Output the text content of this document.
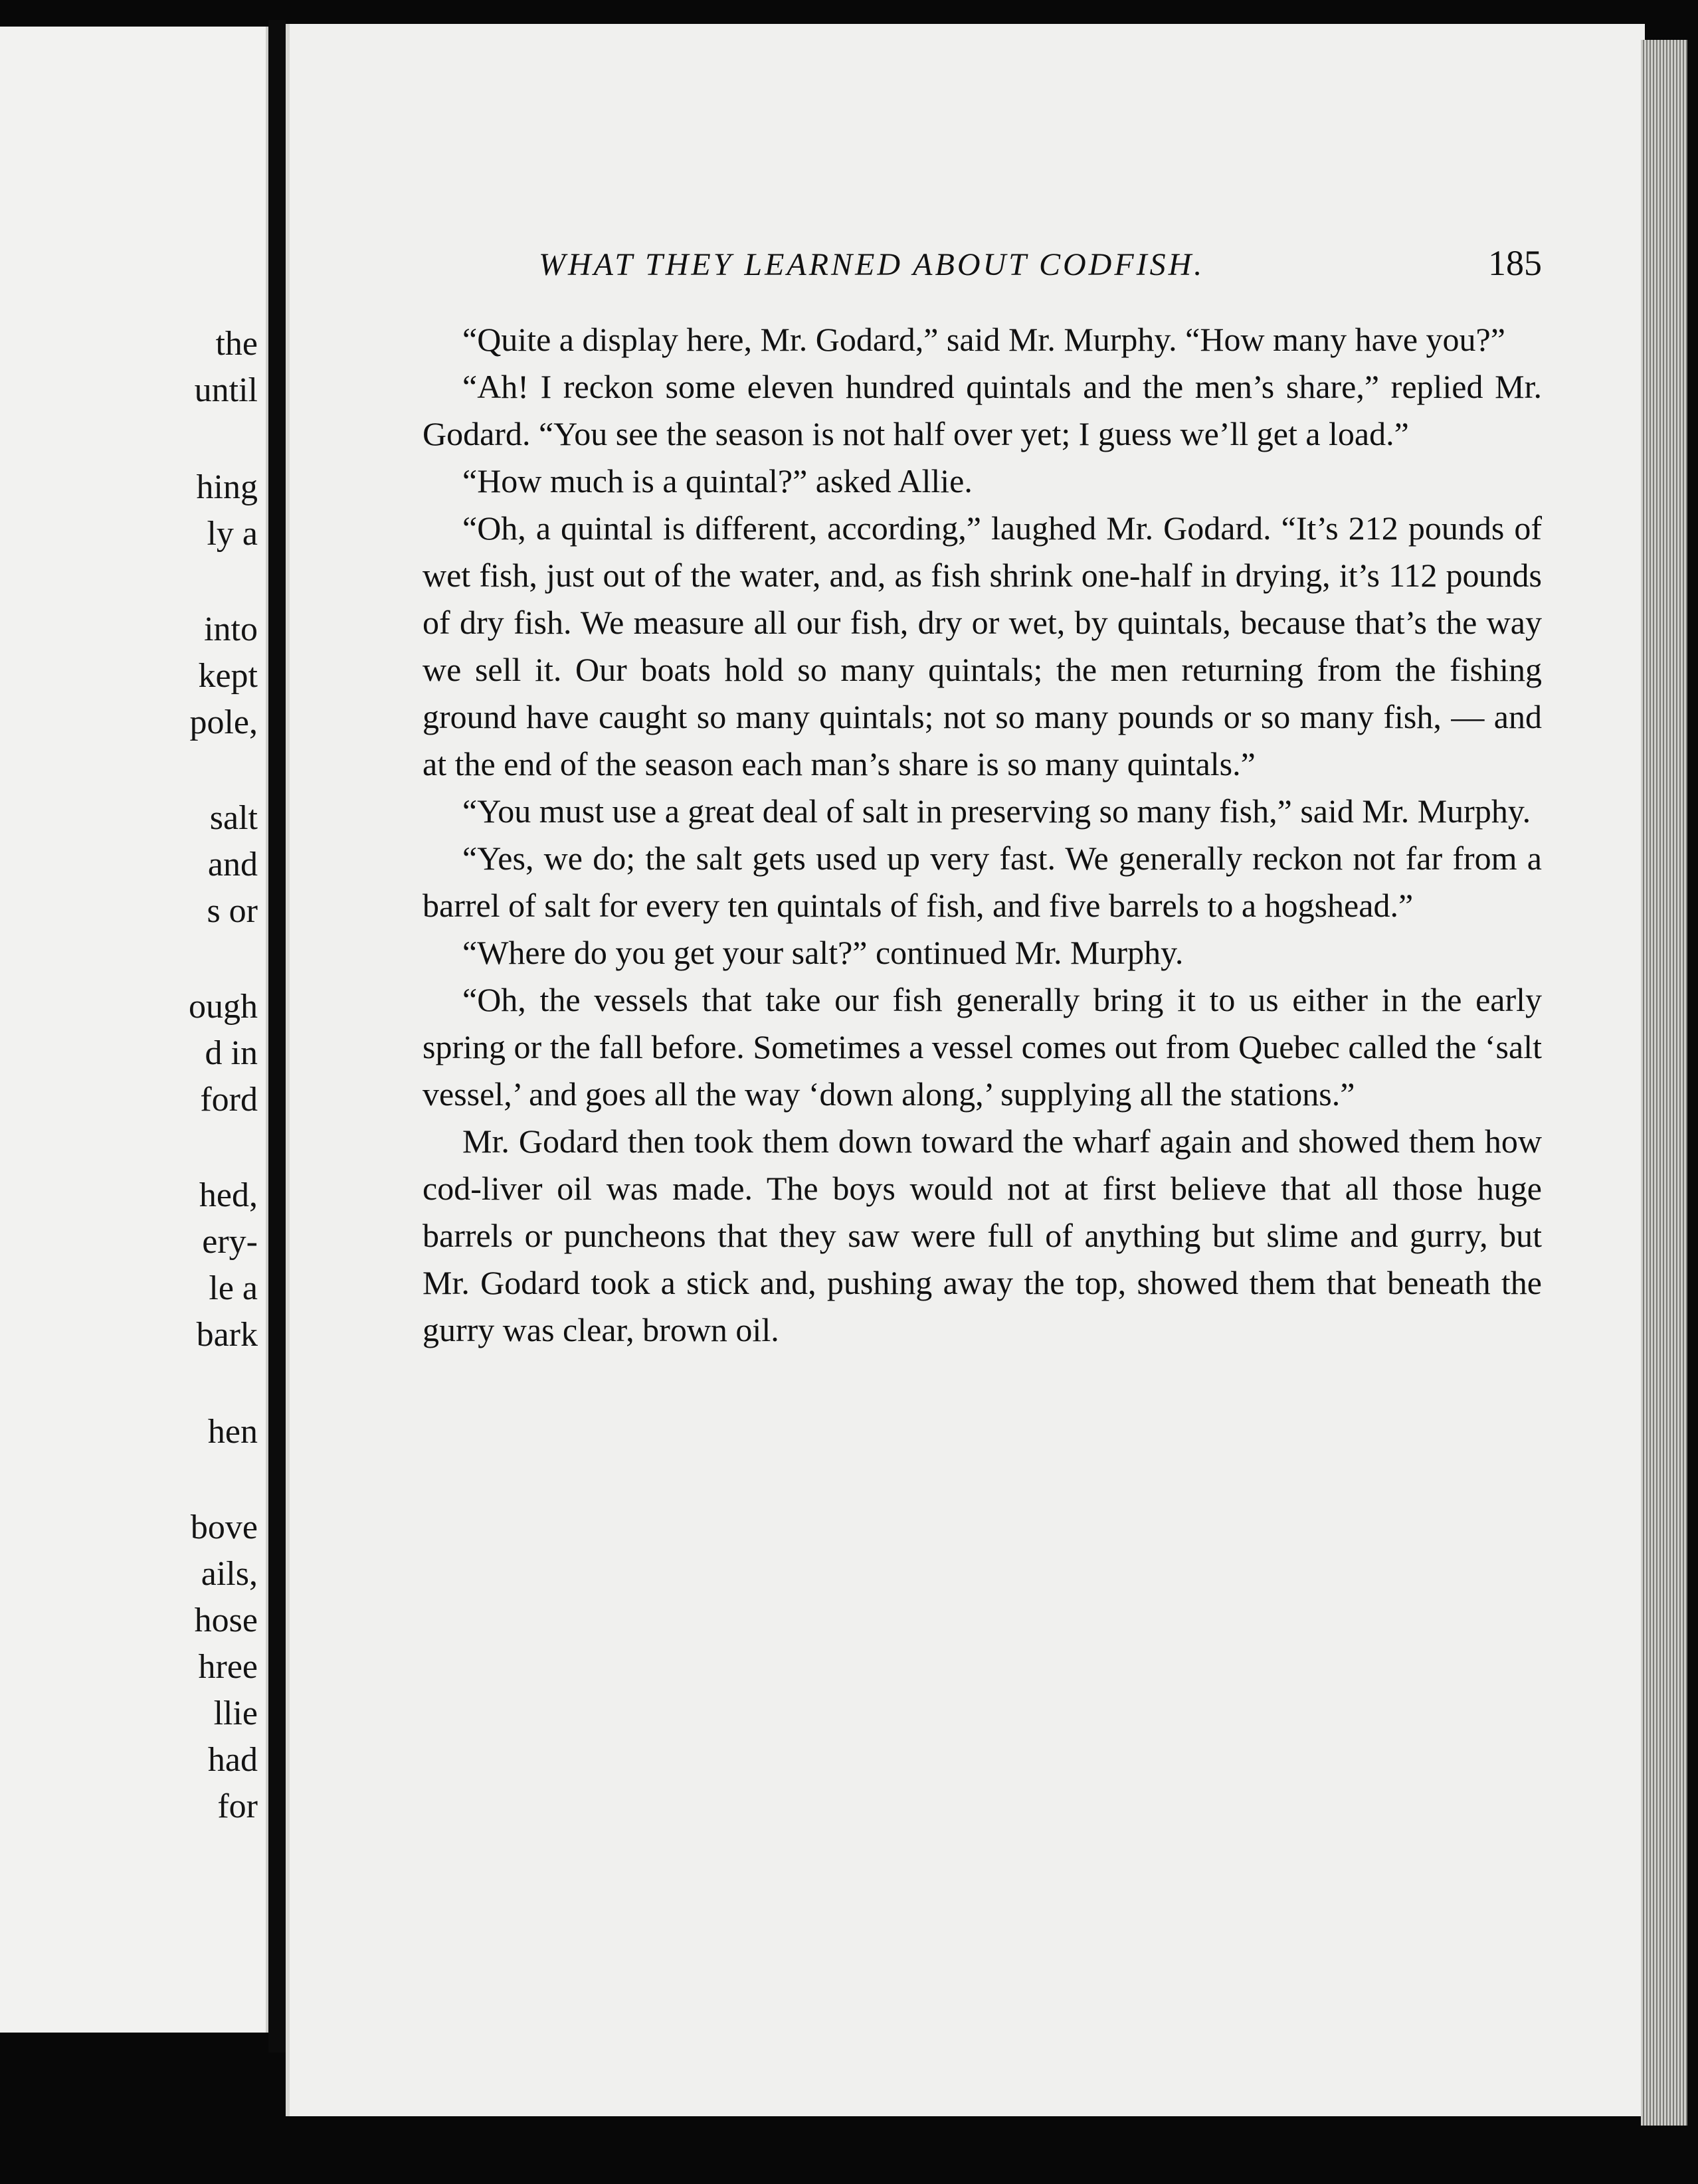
the
until
hing
ly a
into
kept
pole,
salt
and
s or
ough
d in
ford
hed,
ery-
le a
bark
hen
bove
ails,
hose
hree
llie
had
for
WHAT THEY LEARNED ABOUT CODFISH.	185

“Quite a display here, Mr. Godard,” said Mr. Murphy. “How many have you?”

“Ah! I reckon some eleven hundred quintals and the men’s share,” replied Mr. Godard. “You see the season is not half over yet; I guess we’ll get a load.”

“How much is a quintal?” asked Allie.

“Oh, a quintal is different, according,” laughed Mr. Godard. “It’s 212 pounds of wet fish, just out of the water, and, as fish shrink one-half in drying, it’s 112 pounds of dry fish. We measure all our fish, dry or wet, by quintals, because that’s the way we sell it. Our boats hold so many quintals; the men returning from the fishing ground have caught so many quintals; not so many pounds or so many fish, — and at the end of the season each man’s share is so many quintals.”

“You must use a great deal of salt in preserving so many fish,” said Mr. Murphy.

“Yes, we do; the salt gets used up very fast. We generally reckon not far from a barrel of salt for every ten quintals of fish, and five barrels to a hogshead.”

“Where do you get your salt?” continued Mr. Murphy.

“Oh, the vessels that take our fish generally bring it to us either in the early spring or the fall before. Sometimes a vessel comes out from Quebec called the ‘salt vessel,’ and goes all the way ‘down along,’ supplying all the stations.”

Mr. Godard then took them down toward the wharf again and showed them how cod-liver oil was made. The boys would not at first believe that all those huge barrels or puncheons that they saw were full of anything but slime and gurry, but Mr. Godard took a stick and, pushing away the top, showed them that beneath the gurry was clear, brown oil.
